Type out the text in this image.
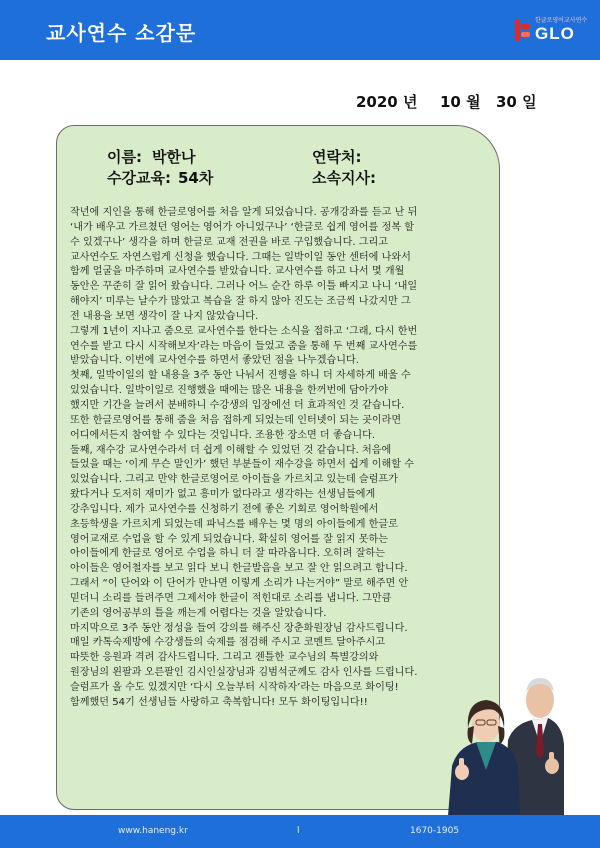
교사연수 소감문
한글로영어교사연수
GLO
2020 년 10 월 30 일
이름: 박한나
수강교육: 54차
연락처:
소속지사:
작년에 지인을 통해 한글로영어를 처음 알게 되었습니다. 공개강좌를 듣고 난 뒤
‘내가 배우고 가르쳤던 영어는 영어가 아니었구나’ ‘한글로 쉽게 영어를 정복 할
수 있겠구나’ 생각을 하며 한글로 교재 전권을 바로 구입했습니다. 그리고
교사연수도 자연스럽게 신청을 했습니다. 그때는 일박이일 동안 센터에 나와서
함께 얼굴을 마주하며 교사연수를 받았습니다. 교사연수를 하고 나서 몇 개월
동안은 꾸준히 잘 읽어 왔습니다. 그러나 어느 순간 하루 이틀 빠지고 나니 ‘내일
해야지’ 미루는 날수가 많았고 복습을 잘 하지 않아 진도는 조금씩 나갔지만 그
전 내용을 보면 생각이 잘 나지 않았습니다.
그렇게 1년이 지나고 줌으로 교사연수를 한다는 소식을 접하고 ‘그래, 다시 한번
연수를 받고 다시 시작해보자’라는 마음이 들었고 줌을 통해 두 번째 교사연수를
받았습니다. 이번에 교사연수를 하면서 좋았던 점을 나누겠습니다.
첫째, 일박이일의 할 내용을 3주 동안 나눠서 진행을 하니 더 자세하게 배울 수
있었습니다. 일박이일로 진행했을 때에는 많은 내용을 한꺼번에 담아가야
했지만 기간을 늘려서 분배하니 수강생의 입장에선 더 효과적인 것 같습니다.
또한 한글로영어를 통해 줌을 처음 접하게 되었는데 인터넷이 되는 곳이라면
어디에서든지 참여할 수 있다는 것입니다. 조용한 장소면 더 좋습니다.
둘째, 재수강 교사연수라서 더 쉽게 이해할 수 있었던 것 같습니다. 처음에
들었을 때는 ‘이게 무슨 말인가’ 했던 부분들이 재수강을 하면서 쉽게 이해할 수
있었습니다. 그리고 만약 한글로영어로 아이들을 가르치고 있는데 슬럼프가
왔다거나 도저히 재미가 없고 흥미가 없다라고 생각하는 선생님들에게
강추입니다. 제가 교사연수를 신청하기 전에 좋은 기회로 영어학원에서
초등학생을 가르치게 되었는데 파닉스를 배우는 몇 명의 아이들에게 한글로
영어교재로 수업을 할 수 있게 되었습니다. 확실히 영어를 잘 읽지 못하는
아이들에게 한글로 영어로 수업을 하니 더 잘 따라옵니다. 오히려 잘하는
아이들은 영어철자를 보고 읽다 보니 한글발음을 보고 잘 안 읽으려고 합니다.
그래서 “이 단어와 이 단어가 만나면 이렇게 소리가 나는거야” 말로 해주면 안
믿더니 소리를 들려주면 그제서야 한글이 적힌대로 소리를 냅니다. 그만큼
기존의 영어공부의 틀을 깨는게 어렵다는 것을 알았습니다.
마지막으로 3주 동안 정성을 들여 강의를 해주신 장춘화원장님 감사드립니다.
매일 카톡숙제방에 수강생들의 숙제를 점검해 주시고 코멘트 달아주시고
따뜻한 응원과 격려 감사드립니다. 그리고 젠틀한 교수님의 특별강의와
원장님의 왼팔과 오른팔인 김시인실장님과 김범석군께도 감사 인사를 드립니다.
슬럼프가 올 수도 있겠지만 ‘다시 오늘부터 시작하자’라는 마음으로 화이팅!
함께했던 54기 선생님들 사랑하고 축복합니다! 모두 화이팅입니다!!
www.haneng.kr	l	1670-1905
